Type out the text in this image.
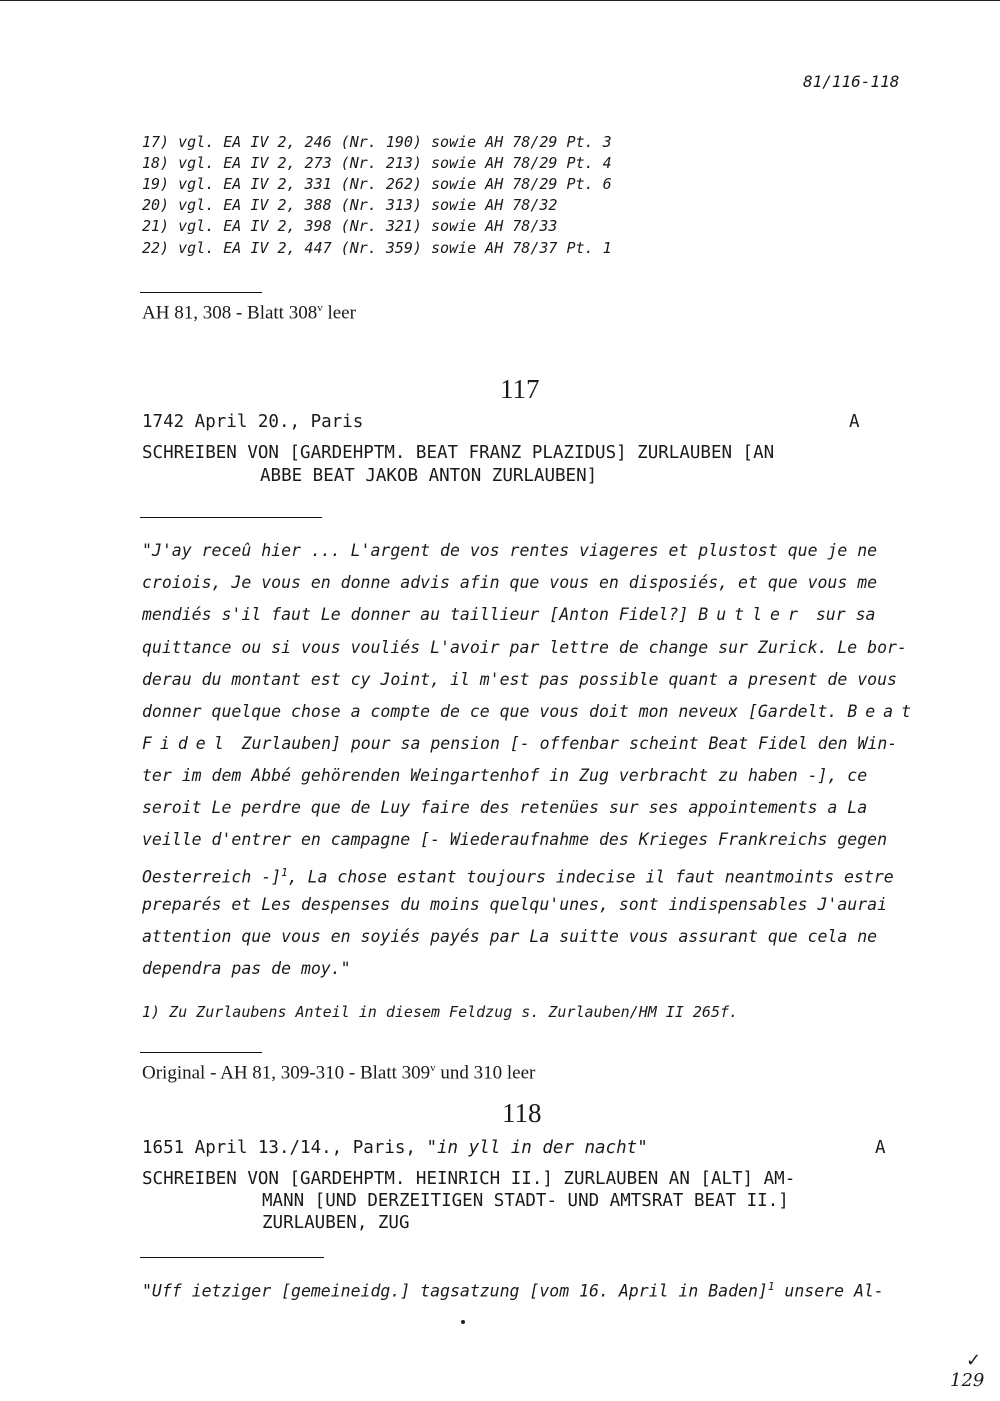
81/116-118
17) vgl. EA IV 2, 246 (Nr. 190) sowie AH 78/29 Pt. 3
18) vgl. EA IV 2, 273 (Nr. 213) sowie AH 78/29 Pt. 4
19) vgl. EA IV 2, 331 (Nr. 262) sowie AH 78/29 Pt. 6
20) vgl. EA IV 2, 388 (Nr. 313) sowie AH 78/32
21) vgl. EA IV 2, 398 (Nr. 321) sowie AH 78/33
22) vgl. EA IV 2, 447 (Nr. 359) sowie AH 78/37 Pt. 1
AH 81, 308 - Blatt 308$^v$ leer
117
1742 April 20., Paris	A
SCHREIBEN VON [GARDEHPTM. BEAT FRANZ PLAZIDUS] ZURLAUBEN [AN
ABBE BEAT JAKOB ANTON ZURLAUBEN]
"J'ay receû hier ... L'argent de vos rentes viageres et plustost que je ne
croiois, Je vous en donne advis afin que vous en disposiés, et que vous me
mendiés s'il faut Le donner au taillieur [Anton Fidel?] Butler sur sa
quittance ou si vous vouliés L'avoir par lettre de change sur Zurick. Le bor-
derau du montant est cy Joint, il m'est pas possible quant a present de vous
donner quelque chose a compte de ce que vous doit mon neveux [Gardelt. Beat
Fidel Zurlauben] pour sa pension [- offenbar scheint Beat Fidel den Win-
ter im dem Abbé gehörenden Weingartenhof in Zug verbracht zu haben -], ce
seroit Le perdre que de Luy faire des retenües sur ses appointements a La
veille d'entrer en campagne [- Wiederaufnahme des Krieges Frankreichs gegen
Oesterreich -]$^1$, La chose estant toujours indecise il faut neantmoints estre
preparés et Les despenses du moins quelqu'unes, sont indispensables J'aurai
attention que vous en soyiés payés par La suitte vous assurant que cela ne
dependra pas de moy."
1) Zu Zurlaubens Anteil in diesem Feldzug s. Zurlauben/HM II 265f.
Original - AH 81, 309-310 - Blatt 309$^v$ und 310 leer
118
1651 April 13./14., Paris, "in yll in der nacht"	A
SCHREIBEN VON [GARDEHPTM. HEINRICH II.] ZURLAUBEN AN [ALT] AM-
MANN [UND DERZEITIGEN STADT- UND AMTSRAT BEAT II.]
ZURLAUBEN, ZUG
"Uff ietziger [gemeineidg.] tagsatzung [vom 16. April in Baden]$^1$ unsere Al-
✓
129
